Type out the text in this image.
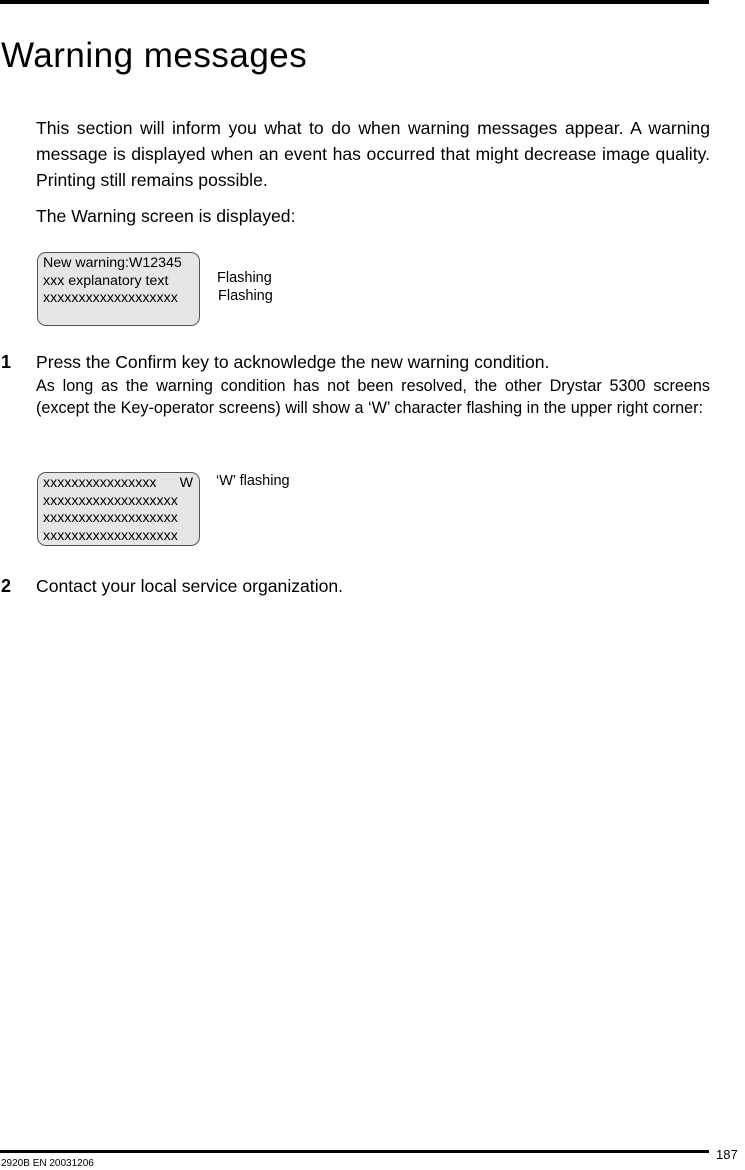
Warning messages

This section will inform you what to do when warning messages appear. A warning message is displayed when an event has occurred that might decrease image quality. Printing still remains possible.

The Warning screen is displayed:

New warning:W12345
xxx explanatory text
xxxxxxxxxxxxxxxxxxx
Flashing
Flashing
1 Press the Confirm key to acknowledge the new warning condition.

As long as the warning condition has not been resolved, the other Drystar 5300 screens (except the Key-operator screens) will show a ‘W’ character flashing in the upper right corner:

xxxxxxxxxxxxxxxx W
xxxxxxxxxxxxxxxxxxx
xxxxxxxxxxxxxxxxxxx
xxxxxxxxxxxxxxxxxxx
‘W’ flashing
2 Contact your local service organization.
2920B EN 20031206
187
